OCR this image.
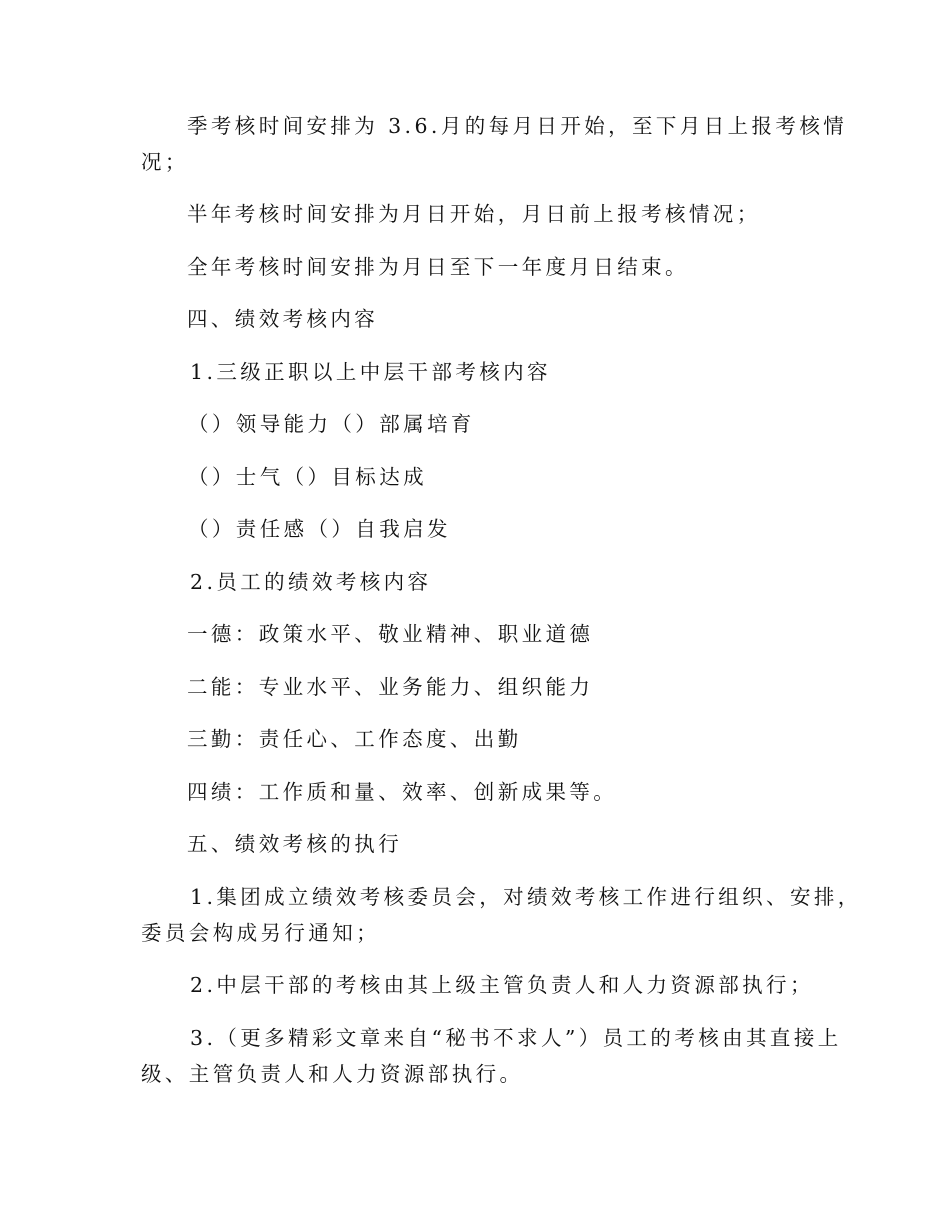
季考核时间安排为 3.6.月的每月日开始，至下月日上报考核情
况；
半年考核时间安排为月日开始，月日前上报考核情况；
全年考核时间安排为月日至下一年度月日结束。
四、绩效考核内容
1.三级正职以上中层干部考核内容
（）领导能力（）部属培育
（）士气（）目标达成
（）责任感（）自我启发
2.员工的绩效考核内容
一德：政策水平、敬业精神、职业道德
二能：专业水平、业务能力、组织能力
三勤：责任心、工作态度、出勤
四绩：工作质和量、效率、创新成果等。
五、绩效考核的执行
1.集团成立绩效考核委员会，对绩效考核工作进行组织、安排，
委员会构成另行通知；
2.中层干部的考核由其上级主管负责人和人力资源部执行；
3.（更多精彩文章来自“秘书不求人”）员工的考核由其直接上
级、主管负责人和人力资源部执行。
